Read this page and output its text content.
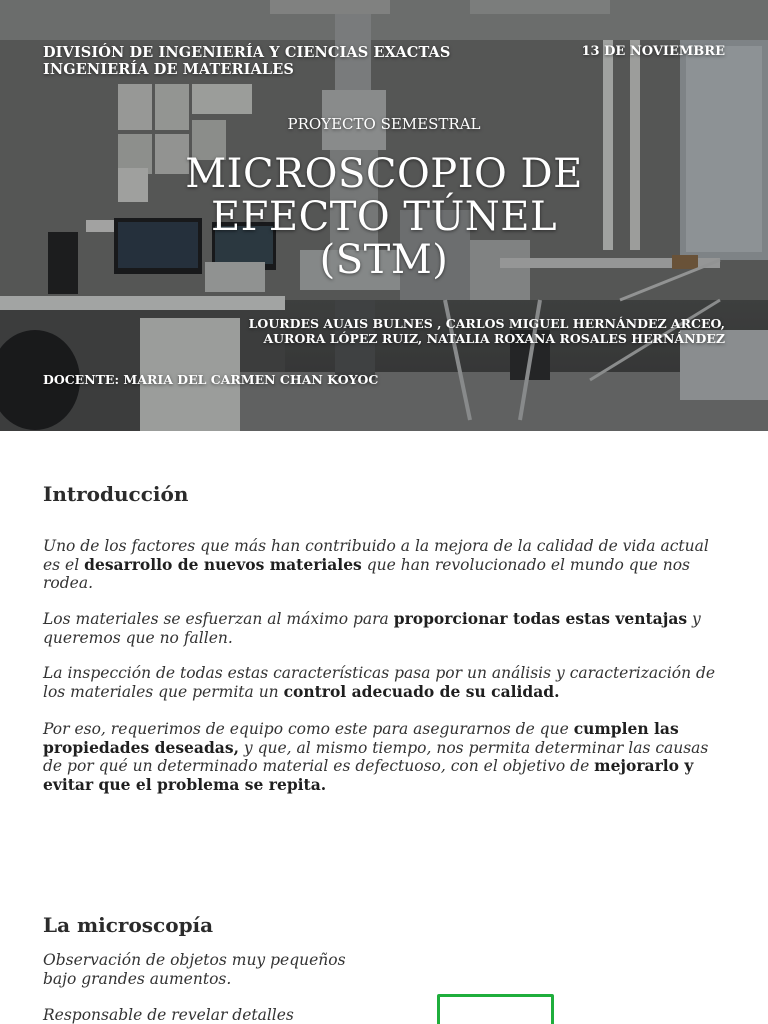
DIVISIÓN DE INGENIERÍA Y CIENCIAS EXACTAS
INGENIERÍA DE MATERIALES
13 DE NOVIEMBRE
PROYECTO SEMESTRAL
MICROSCOPIO DE
EFECTO TÚNEL
(STM)
LOURDES AUAIS BULNES , CARLOS MIGUEL HERNÁNDEZ ARCEO,
AURORA LÓPEZ RUIZ, NATALIA ROXANA ROSALES HERNÁNDEZ
DOCENTE: MARIA DEL CARMEN CHAN KOYOC
Introducción
Uno de los factores que más han contribuido a la mejora de la calidad de vida actual es el desarrollo de nuevos materiales que han revolucionado el mundo que nos rodea.
Los materiales se esfuerzan al máximo para proporcionar todas estas ventajas y queremos que no fallen.
La inspección de todas estas características pasa por un análisis y caracterización de los materiales que permita un control adecuado de su calidad.
Por eso, requerimos de equipo como este para asegurarnos de que cumplen las propiedades deseadas, y que, al mismo tiempo, nos permita determinar las causas de por qué un determinado material es defectuoso, con el objetivo de mejorarlo y evitar que el problema se repita.
La microscopía
Observación de objetos muy pequeños bajo grandes aumentos.
Responsable de revelar detalles
